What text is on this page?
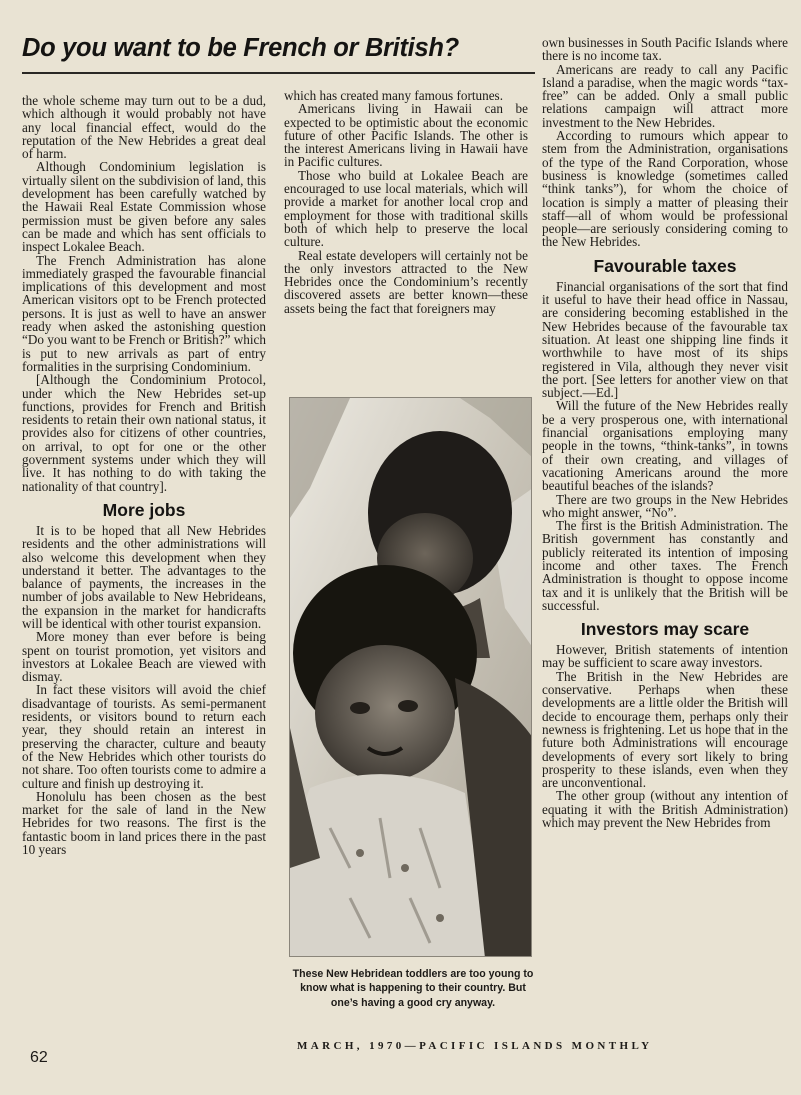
Do you want to be French or British?

the whole scheme may turn out to be a dud, which although it would probably not have any local financial effect, would do the reputation of the New Hebrides a great deal of harm.

Although Condominium legislation is virtually silent on the subdivision of land, this development has been carefully watched by the Hawaii Real Estate Commission whose permission must be given before any sales can be made and which has sent officials to inspect Lokalee Beach.

The French Administration has alone immediately grasped the favourable financial implications of this development and most American visitors opt to be French protected persons. It is just as well to have an answer ready when asked the astonishing question “Do you want to be French or British?” which is put to new arrivals as part of entry formalities in the surprising Condominium.

[Although the Condominium Protocol, under which the New Hebrides set-up functions, provides for French and British residents to retain their own national status, it provides also for citizens of other countries, on arrival, to opt for one or the other government systems under which they will live. It has nothing to do with taking the nationality of that country].

More jobs

It is to be hoped that all New Hebrides residents and the other administrations will also welcome this development when they understand it better. The advantages to the balance of payments, the increases in the number of jobs available to New Hebrideans, the expansion in the market for handicrafts will be identical with other tourist expansion.

More money than ever before is being spent on tourist promotion, yet visitors and investors at Lokalee Beach are viewed with dismay.

In fact these visitors will avoid the chief disadvantage of tourists. As semi-permanent residents, or visitors bound to return each year, they should retain an interest in preserving the character, culture and beauty of the New Hebrides which other tourists do not share. Too often tourists come to admire a culture and finish up destroying it.

Honolulu has been chosen as the best market for the sale of land in the New Hebrides for two reasons. The first is the fantastic boom in land prices there in the past 10 years

which has created many famous fortunes.

Americans living in Hawaii can be expected to be optimistic about the economic future of other Pacific Islands. The other is the interest Americans living in Hawaii have in Pacific cultures.

Those who build at Lokalee Beach are encouraged to use local materials, which will provide a market for another local crop and employment for those with traditional skills both of which help to preserve the local culture.

Real estate developers will certainly not be the only investors attracted to the New Hebrides once the Condominium’s recently discovered assets are better known—these assets being the fact that foreigners may

These New Hebridean toddlers are too young to know what is happening to their country. But one’s having a good cry anyway.

own businesses in South Pacific Islands where there is no income tax.

Americans are ready to call any Pacific Island a paradise, when the magic words “tax-free” can be added. Only a small public relations campaign will attract more investment to the New Hebrides.

According to rumours which appear to stem from the Administration, organisations of the type of the Rand Corporation, whose business is knowledge (sometimes called “think tanks”), for whom the choice of location is simply a matter of pleasing their staff—all of whom would be professional people—are seriously considering coming to the New Hebrides.

Favourable taxes

Financial organisations of the sort that find it useful to have their head office in Nassau, are considering becoming established in the New Hebrides because of the favourable tax situation. At least one shipping line finds it worthwhile to have most of its ships registered in Vila, although they never visit the port. [See letters for another view on that subject.—Ed.]

Will the future of the New Hebrides really be a very prosperous one, with international financial organisations employing many people in the towns, “think-tanks”, in towns of their own creating, and villages of vacationing Americans around the more beautiful beaches of the islands?

There are two groups in the New Hebrides who might answer, “No”.

The first is the British Administration. The British government has constantly and publicly reiterated its intention of imposing income and other taxes. The French Administration is thought to oppose income tax and it is unlikely that the British will be successful.

Investors may scare

However, British statements of intention may be sufficient to scare away investors.

The British in the New Hebrides are conservative. Perhaps when these developments are a little older the British will decide to encourage them, perhaps only their newness is frightening. Let us hope that in the future both Administrations will encourage developments of every sort likely to bring prosperity to these islands, even when they are unconventional.

The other group (without any intention of equating it with the British Administration) which may prevent the New Hebrides from

62
MARCH, 1970—PACIFIC ISLANDS MONTHLY
